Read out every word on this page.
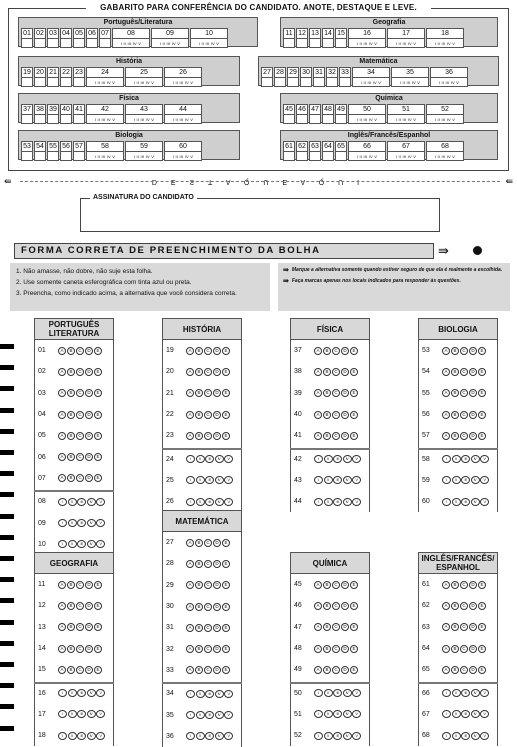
GABARITO PARA CONFERÊNCIA DO CANDIDATO. ANOTE, DESTAQUE E LEVE.
Português/Literatura
01 02 03 04 05 06 07	08
I II III IV V
09
I II III IV V
10
I II III IV V
Geografia
11 12 13 14 15	16
I II III IV V
17
I II III IV V
18
I II III IV V
História
19 20 21 22 23	24
I II III IV V
25
I II III IV V
26
I II III IV V
Matemática
27 28 29 30 31 32 33	34
I II III IV V
35
I II III IV V
36
I II III IV V
Física
37 38 39 40 41	42
I II III IV V
43
I II III IV V
44
I II III IV V
Química
45 46 47 48 49	50
I II III IV V
51
I II III IV V
52
I II III IV V
Biologia
53 54 55 56 57	58
I II III IV V
59
I II III IV V
60
I II III IV V
Inglês/Francês/Espanhol
61 62 63 64 65	66
I II III IV V
67
I II III IV V
68
I II III IV V
⇚	D E S T A Q U E A Q U I	⇚
ASSINATURA DO CANDIDATO
FORMA CORRETA DE PREENCHIMENTO DA BOLHA	⇛
1. Não amasse, não dobre, não suje esta folha.
2. Use somente caneta esferográfica com tinta azul ou preta.
3. Preencha, como indicado acima, a alternativa que você considera correta.
⇛ Marque a alternativa somente quando estiver seguro de que ela é realmente a escolhida.
⇛ Faça marcas apenas nos locais indicados para responder às questões.
PORTUGUÊS LITERATURA
01	A	B	C	D	E
02	A	B	C	D	E
03	A	B	C	D	E
04	A	B	C	D	E
05	A	B	C	D	E
06	A	B	C	D	E
07	A	B	C	D	E
08	I	II	III	IV	V
09	I	II	III	IV	V
10	I	II	III	IV	V
HISTÓRIA
19	A	B	C	D	E
20	A	B	C	D	E
21	A	B	C	D	E
22	A	B	C	D	E
23	A	B	C	D	E
24	I	II	III	IV	V
25	I	II	III	IV	V
26	I	II	III	IV	V
FÍSICA
37	A	B	C	D	E
38	A	B	C	D	E
39	A	B	C	D	E
40	A	B	C	D	E
41	A	B	C	D	E
42	I	II	III	IV	V
43	I	II	III	IV	V
44	I	II	III	IV	V
BIOLOGIA
53	A	B	C	D	E
54	A	B	C	D	E
55	A	B	C	D	E
56	A	B	C	D	E
57	A	B	C	D	E
58	I	II	III	IV	V
59	I	II	III	IV	V
60	I	II	III	IV	V
GEOGRAFIA
11	A	B	C	D	E
12	A	B	C	D	E
13	A	B	C	D	E
14	A	B	C	D	E
15	A	B	C	D	E
16	I	II	III	IV	V
17	I	II	III	IV	V
18	I	II	III	IV	V
MATEMÁTICA
27	A	B	C	D	E
28	A	B	C	D	E
29	A	B	C	D	E
30	A	B	C	D	E
31	A	B	C	D	E
32	A	B	C	D	E
33	A	B	C	D	E
34	I	II	III	IV	V
35	I	II	III	IV	V
36	I	II	III	IV	V
QUÍMICA
45	A	B	C	D	E
46	A	B	C	D	E
47	A	B	C	D	E
48	A	B	C	D	E
49	A	B	C	D	E
50	I	II	III	IV	V
51	I	II	III	IV	V
52	I	II	III	IV	V
INGLÊS/FRANCÊS/ ESPANHOL
61	A	B	C	D	E
62	A	B	C	D	E
63	A	B	C	D	E
64	A	B	C	D	E
65	A	B	C	D	E
66	I	II	III	IV	V
67	I	II	III	IV	V
68	I	II	III	IV	V
